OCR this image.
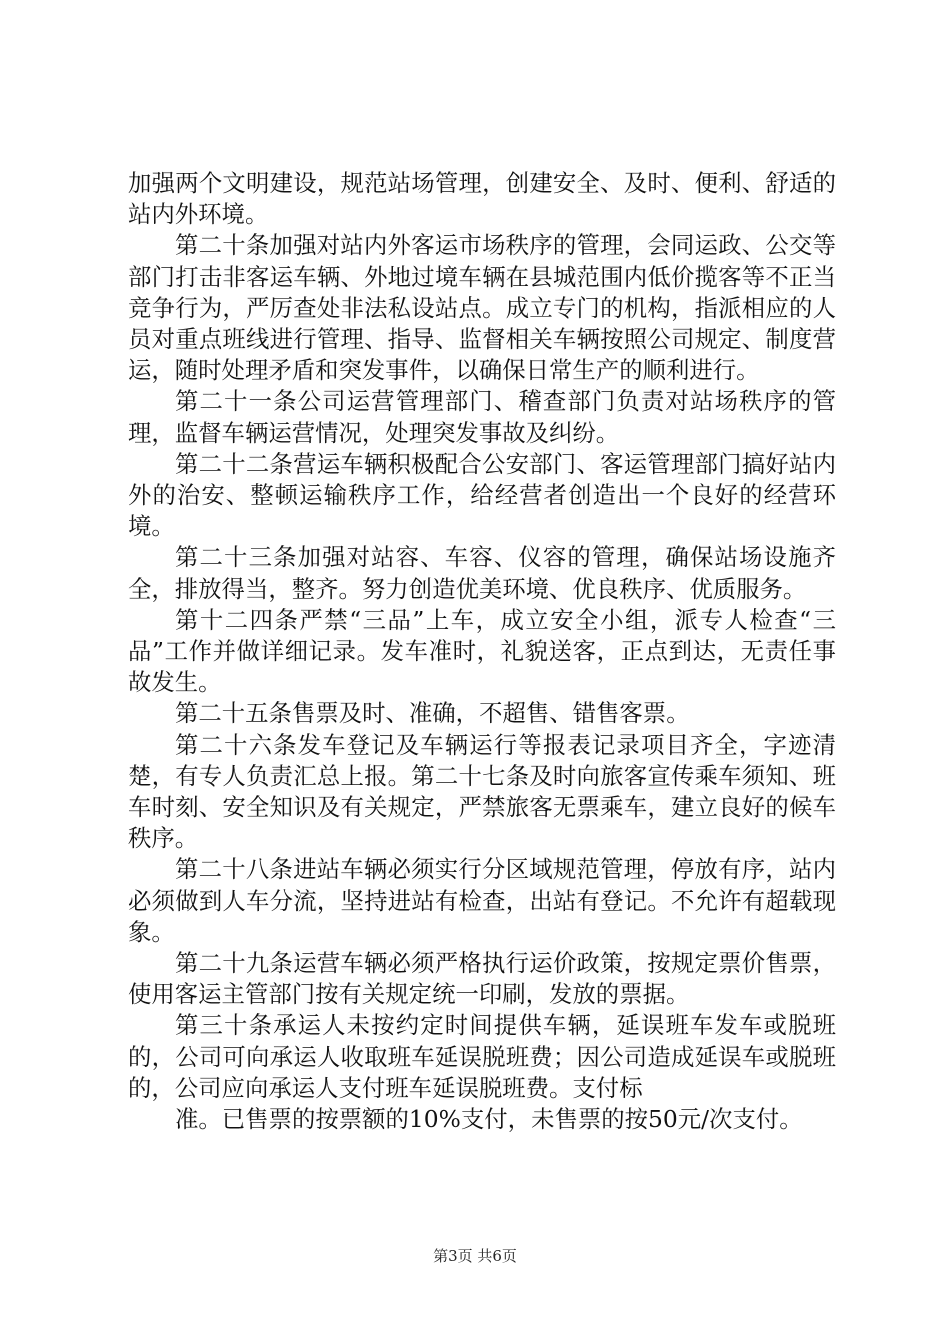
加强两个文明建设，规范站场管理，创建安全、及时、便利、舒适的站内外环境。

第二十条加强对站内外客运市场秩序的管理，会同运政、公交等部门打击非客运车辆、外地过境车辆在县城范围内低价揽客等不正当竞争行为，严厉查处非法私设站点。成立专门的机构，指派相应的人员对重点班线进行管理、指导、监督相关车辆按照公司规定、制度营运，随时处理矛盾和突发事件，以确保日常生产的顺利进行。

第二十一条公司运营管理部门、稽查部门负责对站场秩序的管理，监督车辆运营情况，处理突发事故及纠纷。

第二十二条营运车辆积极配合公安部门、客运管理部门搞好站内外的治安、整顿运输秩序工作，给经营者创造出一个良好的经营环境。

第二十三条加强对站容、车容、仪容的管理，确保站场设施齐全，排放得当，整齐。努力创造优美环境、优良秩序、优质服务。

第十二四条严禁“三品”上车，成立安全小组，派专人检查“三品”工作并做详细记录。发车准时，礼貌送客，正点到达，无责任事故发生。

第二十五条售票及时、准确，不超售、错售客票。

第二十六条发车登记及车辆运行等报表记录项目齐全，字迹清楚，有专人负责汇总上报。第二十七条及时向旅客宣传乘车须知、班车时刻、安全知识及有关规定，严禁旅客无票乘车，建立良好的候车秩序。

第二十八条进站车辆必须实行分区域规范管理，停放有序，站内必须做到人车分流，坚持进站有检查，出站有登记。不允许有超载现象。

第二十九条运营车辆必须严格执行运价政策，按规定票价售票，使用客运主管部门按有关规定统一印刷，发放的票据。

第三十条承运人未按约定时间提供车辆，延误班车发车或脱班的，公司可向承运人收取班车延误脱班费；因公司造成延误车或脱班的，公司应向承运人支付班车延误脱班费。支付标

准。已售票的按票额的10%支付，未售票的按50元/次支付。

第3页 共6页
